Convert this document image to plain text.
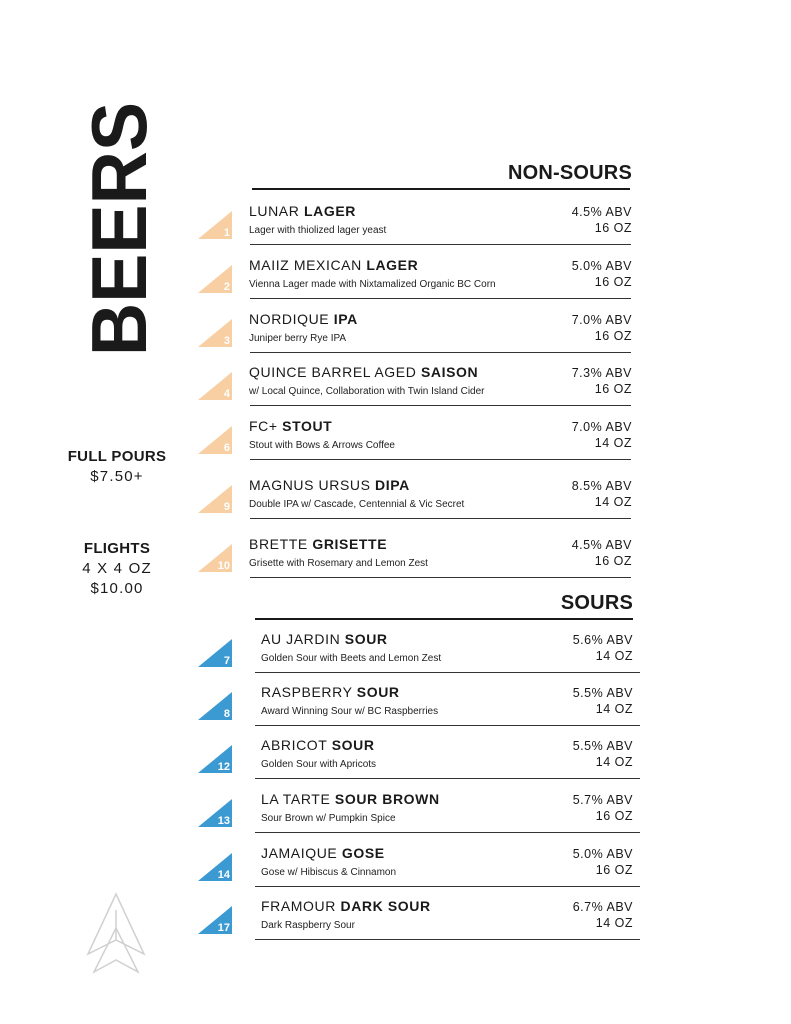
BEERS
FULL POURS
$7.50+
FLIGHTS
4 X 4 OZ
$10.00
NON-SOURS
SOURS
1
LUNAR LAGER
Lager with thiolized lager yeast
4.5% ABV
16 OZ
2
MAIIZ MEXICAN LAGER
Vienna Lager made with Nixtamalized Organic BC Corn
5.0% ABV
16 OZ
3
NORDIQUE IPA
Juniper berry Rye IPA
7.0% ABV
16 OZ
4
QUINCE BARREL AGED SAISON
w/ Local Quince, Collaboration with Twin Island Cider
7.3% ABV
16 OZ
6
FC+ STOUT
Stout with Bows & Arrows Coffee
7.0% ABV
14 OZ
9
MAGNUS URSUS DIPA
Double IPA w/ Cascade, Centennial & Vic Secret
8.5% ABV
14 OZ
10
BRETTE GRISETTE
Grisette with Rosemary and Lemon Zest
4.5% ABV
16 OZ
7
AU JARDIN SOUR
Golden Sour with Beets and Lemon Zest
5.6% ABV
14 OZ
8
RASPBERRY SOUR
Award Winning Sour w/ BC Raspberries
5.5% ABV
14 OZ
12
ABRICOT SOUR
Golden Sour with Apricots
5.5% ABV
14 OZ
13
LA TARTE SOUR BROWN
Sour Brown w/ Pumpkin Spice
5.7% ABV
16 OZ
14
JAMAIQUE GOSE
Gose w/ Hibiscus & Cinnamon
5.0% ABV
16 OZ
17
FRAMOUR DARK SOUR
Dark Raspberry Sour
6.7% ABV
14 OZ
